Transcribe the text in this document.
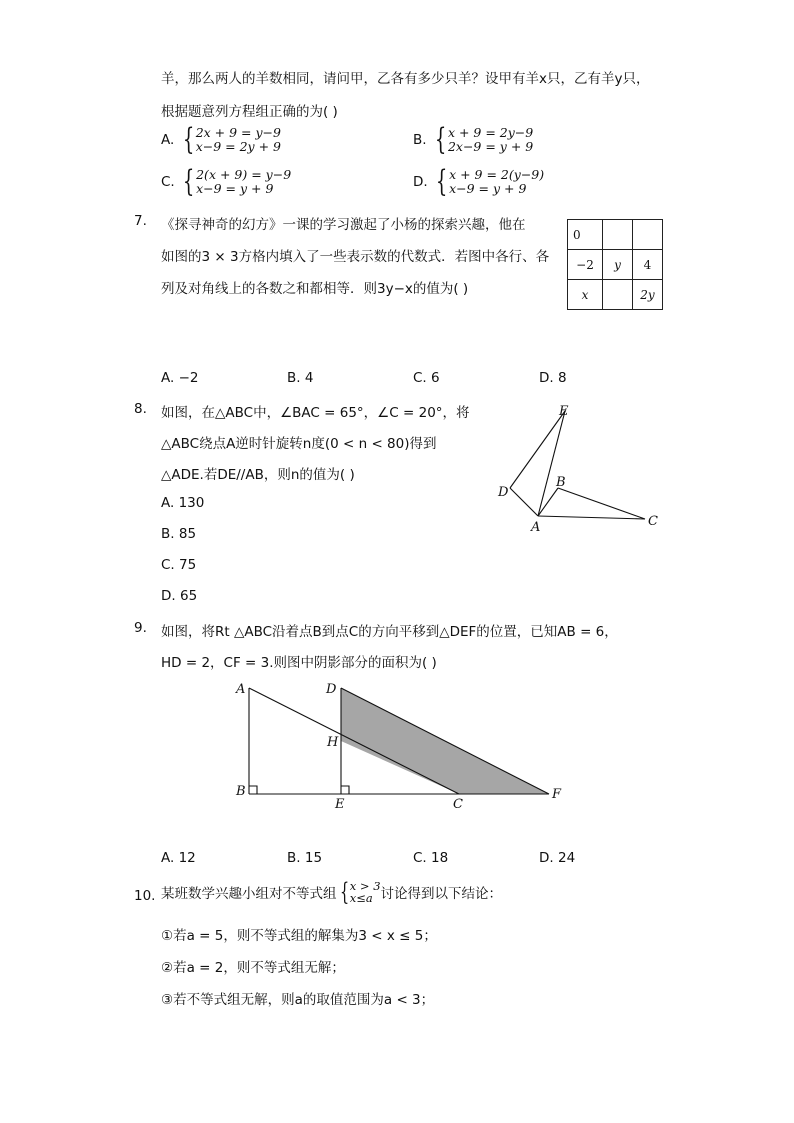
羊，那么两人的羊数相同，请问甲，乙各有多少只羊？设甲有羊x只，乙有羊y只，
根据题意列方程组正确的为( )
A. { 2x + 9 = y−9
x−9 = 2y + 9	B. { x + 9 = 2y−9
2x−9 = y + 9
C. { 2(x + 9) = y−9
x−9 = y + 9	D. { x + 9 = 2(y−9)
x−9 = y + 9
7. 《探寻神奇的幻方》一课的学习激起了小杨的探索兴趣，他在
如图的3 × 3方格内填入了一些表示数的代数式．若图中各行、各
列及对角线上的各数之和都相等．则3y−x的值为( )
0		
−2	y	4
x		2y
A. −2	B. 4	C. 6	D. 8
8. 如图，在△ABC中，∠BAC = 65°，∠C = 20°，将
△ABC绕点A逆时针旋转n度(0 < n < 80)得到
△ADE.若DE//AB，则n的值为( )
A. 130
B. 85
C. 75
D. 65
E
D
B
A	C
9. 如图，将Rt △ABC沿着点B到点C的方向平移到△DEF的位置，已知AB = 6，
HD = 2，CF = 3.则图中阴影部分的面积为( )
A	D
H
B
E	C
F
A. 12	B. 15	C. 18	D. 24
10. 某班数学兴趣小组对不等式组 { x > 3
x≤a 讨论得到以下结论：
①若a = 5，则不等式组的解集为3 < x ≤ 5；
②若a = 2，则不等式组无解；
③若不等式组无解，则a的取值范围为a < 3；
